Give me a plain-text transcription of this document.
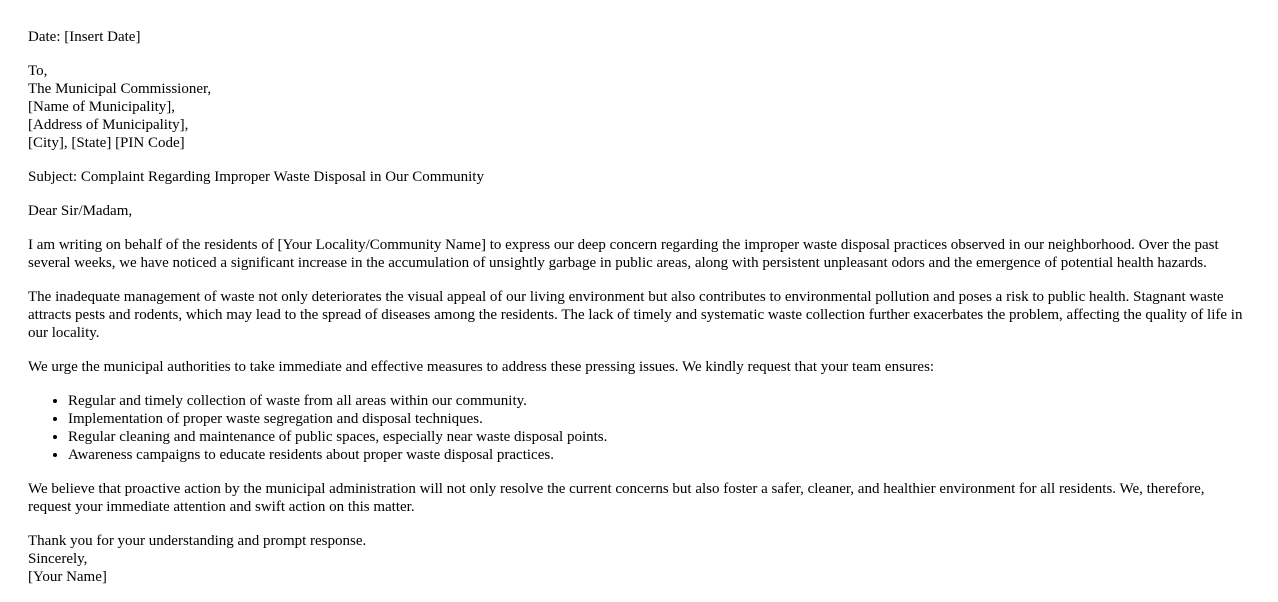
Date: [Insert Date]

To,
The Municipal Commissioner,
[Name of Municipality],
[Address of Municipality],
[City], [State] [PIN Code]

Subject: Complaint Regarding Improper Waste Disposal in Our Community

Dear Sir/Madam,

I am writing on behalf of the residents of [Your Locality/Community Name] to express our deep concern regarding the improper waste disposal practices observed in our neighborhood. Over the past several weeks, we have noticed a significant increase in the accumulation of unsightly garbage in public areas, along with persistent unpleasant odors and the emergence of potential health hazards.

The inadequate management of waste not only deteriorates the visual appeal of our living environment but also contributes to environmental pollution and poses a risk to public health. Stagnant waste attracts pests and rodents, which may lead to the spread of diseases among the residents. The lack of timely and systematic waste collection further exacerbates the problem, affecting the quality of life in our locality.

We urge the municipal authorities to take immediate and effective measures to address these pressing issues. We kindly request that your team ensures:

• Regular and timely collection of waste from all areas within our community.
• Implementation of proper waste segregation and disposal techniques.
• Regular cleaning and maintenance of public spaces, especially near waste disposal points.
• Awareness campaigns to educate residents about proper waste disposal practices.

We believe that proactive action by the municipal administration will not only resolve the current concerns but also foster a safer, cleaner, and healthier environment for all residents. We, therefore, request your immediate attention and swift action on this matter.

Thank you for your understanding and prompt response.
Sincerely,
[Your Name]
